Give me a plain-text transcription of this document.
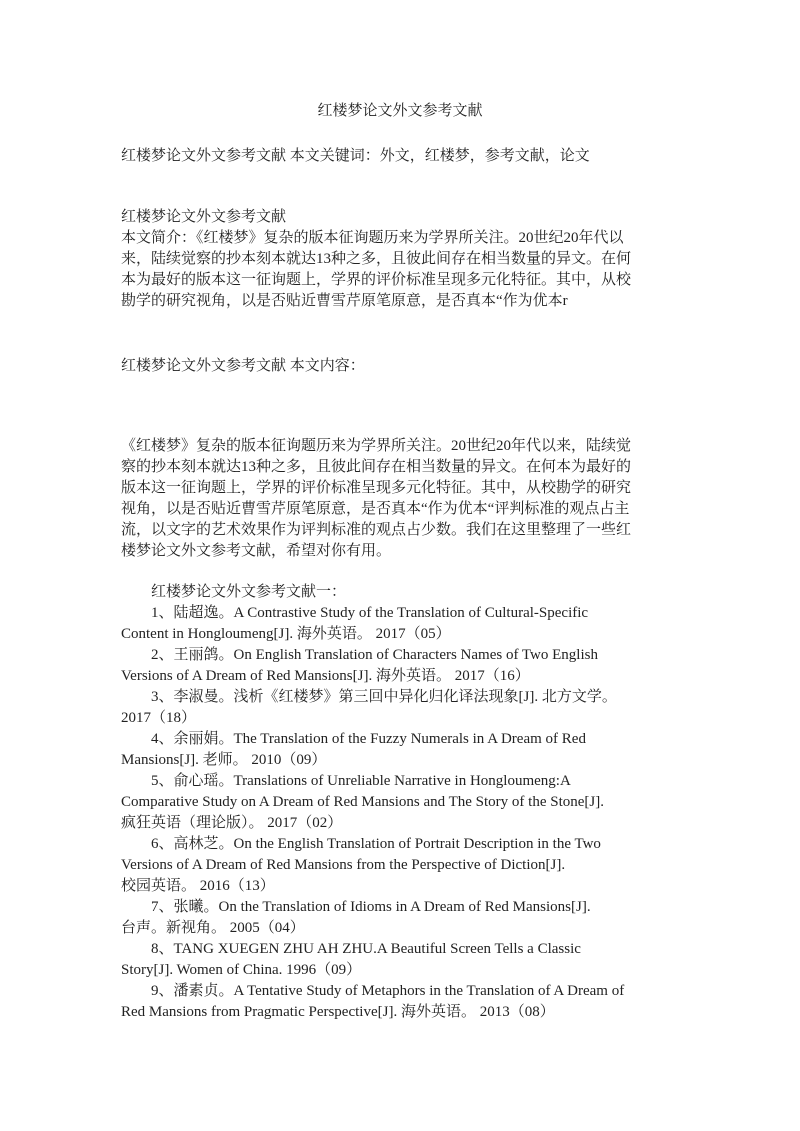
红楼梦论文外文参考文献
红楼梦论文外文参考文献 本文关键词：外文，红楼梦，参考文献，论文
红楼梦论文外文参考文献
本文简介：《红楼梦》复杂的版本征询题历来为学界所关注。20世纪20年代以
来，陆续觉察的抄本刻本就达13种之多，且彼此间存在相当数量的异文。在何
本为最好的版本这一征询题上，学界的评价标准呈现多元化特征。其中，从校
勘学的研究视角，以是否贴近曹雪芹原笔原意，是否真本“作为优本r
红楼梦论文外文参考文献 本文内容：
《红楼梦》复杂的版本征询题历来为学界所关注。20世纪20年代以来，陆续觉
察的抄本刻本就达13种之多，且彼此间存在相当数量的异文。在何本为最好的
版本这一征询题上，学界的评价标准呈现多元化特征。其中，从校勘学的研究
视角，以是否贴近曹雪芹原笔原意，是否真本“作为优本“评判标准的观点占主
流，以文字的艺术效果作为评判标准的观点占少数。我们在这里整理了一些红
楼梦论文外文参考文献，希望对你有用。
红楼梦论文外文参考文献一：
1、陆超逸。A Contrastive Study of the Translation of Cultural-Specific
Content in Hongloumeng[J]. 海外英语。 2017（05）
2、王丽鸽。On English Translation of Characters Names of Two English
Versions of A Dream of Red Mansions[J]. 海外英语。 2017（16）
3、李淑曼。浅析《红楼梦》第三回中异化归化译法现象[J]. 北方文学。
2017（18）
4、余丽娟。The Translation of the Fuzzy Numerals in A Dream of Red
Mansions[J]. 老师。 2010（09）
5、俞心瑶。Translations of Unreliable Narrative in Hongloumeng:A
Comparative Study on A Dream of Red Mansions and The Story of the Stone[J].
疯狂英语（理论版）。 2017（02）
6、高林芝。On the English Translation of Portrait Description in the Two
Versions of A Dream of Red Mansions from the Perspective of Diction[J].
校园英语。 2016（13）
7、张曦。On the Translation of Idioms in A Dream of Red Mansions[J].
台声。新视角。 2005（04）
8、TANG XUEGEN ZHU AH ZHU.A Beautiful Screen Tells a Classic
Story[J]. Women of China. 1996（09）
9、潘素贞。A Tentative Study of Metaphors in the Translation of A Dream of
Red Mansions from Pragmatic Perspective[J]. 海外英语。 2013（08）
